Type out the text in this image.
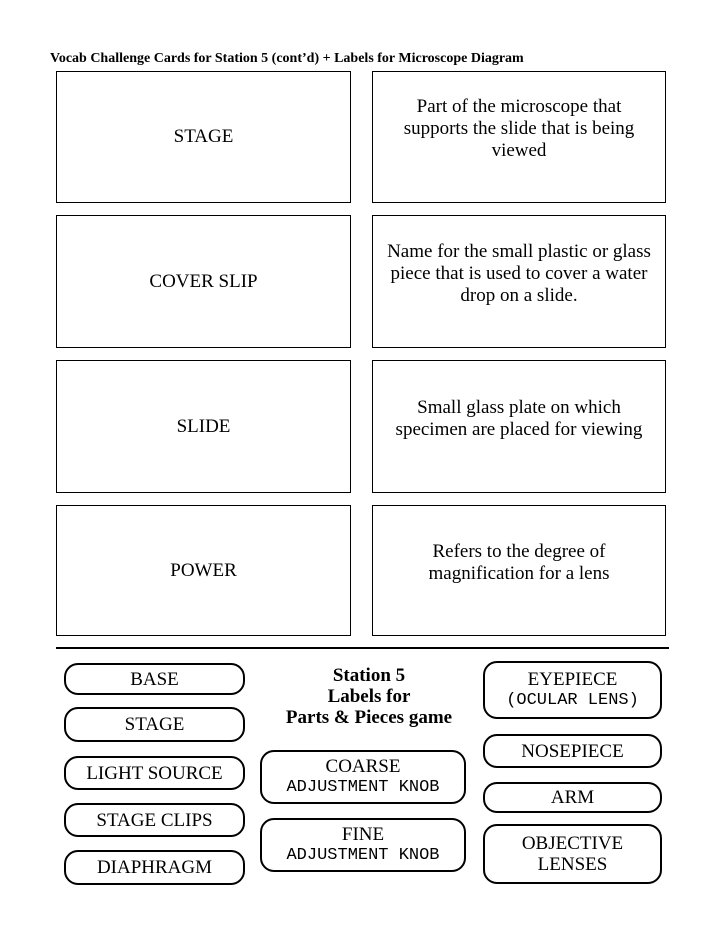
Vocab Challenge Cards for Station 5 (cont’d) + Labels for Microscope Diagram
STAGE
Part of the microscope that supports the slide that is being viewed
COVER SLIP
Name for the small plastic or glass piece that is used to cover a water drop on a slide.
SLIDE
Small glass plate on which specimen are placed for viewing
POWER
Refers to the degree of magnification for a lens
BASE
STAGE
LIGHT SOURCE
STAGE CLIPS
DIAPHRAGM
Station 5
Labels for
Parts & Pieces game
COARSE
ADJUSTMENT KNOB
FINE
ADJUSTMENT KNOB
EYEPIECE
(OCULAR LENS)
NOSEPIECE
ARM
OBJECTIVE
LENSES
